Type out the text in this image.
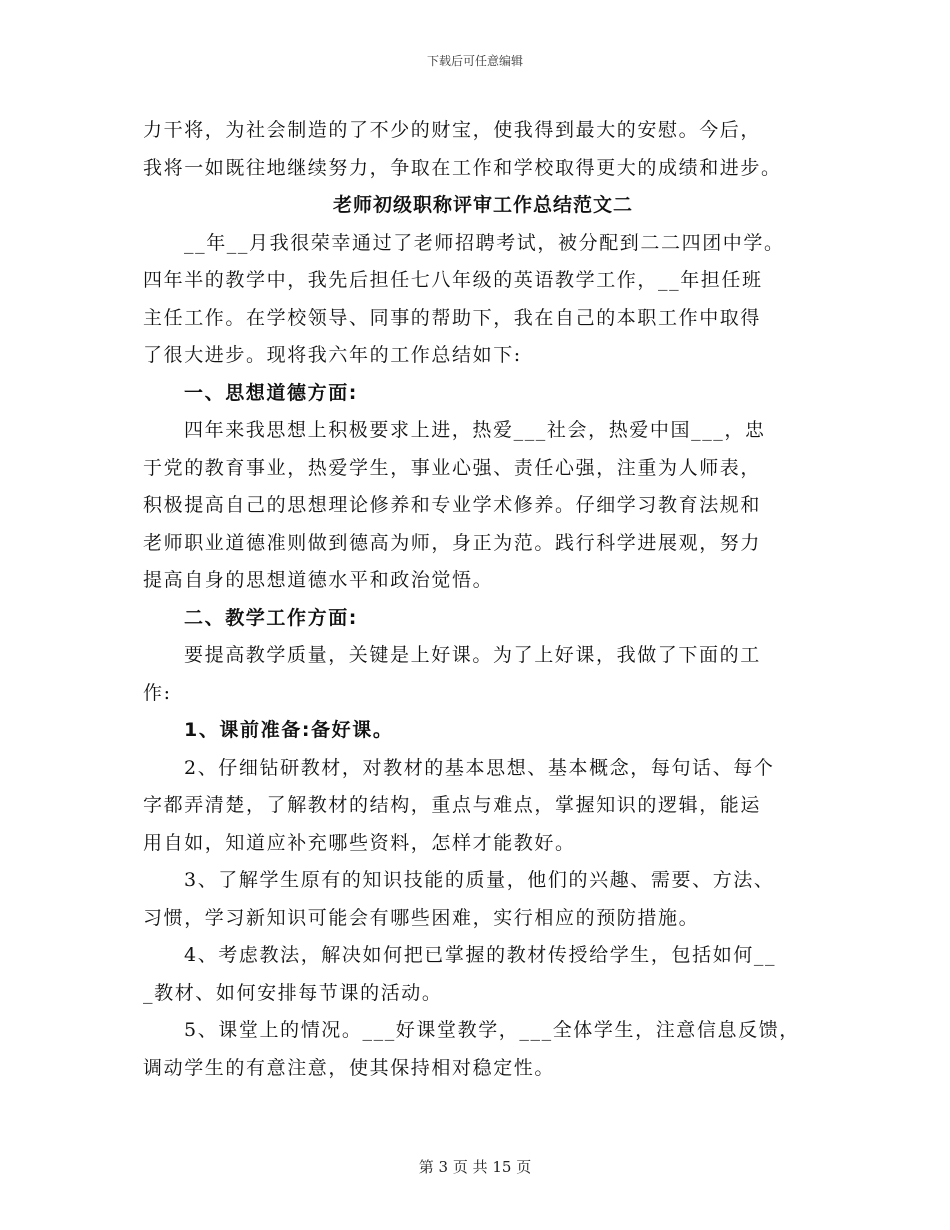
下载后可任意编辑
力干将，为社会制造的了不少的财宝，使我得到最大的安慰。今后，
我将一如既往地继续努力，争取在工作和学校取得更大的成绩和进步。
老师初级职称评审工作总结范文二
__年__月我很荣幸通过了老师招聘考试，被分配到二二四团中学。
四年半的教学中，我先后担任七八年级的英语教学工作，__年担任班
主任工作。在学校领导、同事的帮助下，我在自己的本职工作中取得
了很大进步。现将我六年的工作总结如下:
一、思想道德方面:
四年来我思想上积极要求上进，热爱___社会，热爱中国___，忠
于党的教育事业，热爱学生，事业心强、责任心强，注重为人师表，
积极提高自己的思想理论修养和专业学术修养。仔细学习教育法规和
老师职业道德准则做到德高为师，身正为范。践行科学进展观，努力
提高自身的思想道德水平和政治觉悟。
二、教学工作方面:
要提高教学质量，关键是上好课。为了上好课，我做了下面的工
作:
1、课前准备:备好课。
2、仔细钻研教材，对教材的基本思想、基本概念，每句话、每个
字都弄清楚，了解教材的结构，重点与难点，掌握知识的逻辑，能运
用自如，知道应补充哪些资料，怎样才能教好。
3、了解学生原有的知识技能的质量，他们的兴趣、需要、方法、
习惯，学习新知识可能会有哪些困难，实行相应的预防措施。
4、考虑教法，解决如何把已掌握的教材传授给学生，包括如何__
_教材、如何安排每节课的活动。
5、课堂上的情况。___好课堂教学，___全体学生，注意信息反馈，
调动学生的有意注意，使其保持相对稳定性。
第 3 页 共 15 页
